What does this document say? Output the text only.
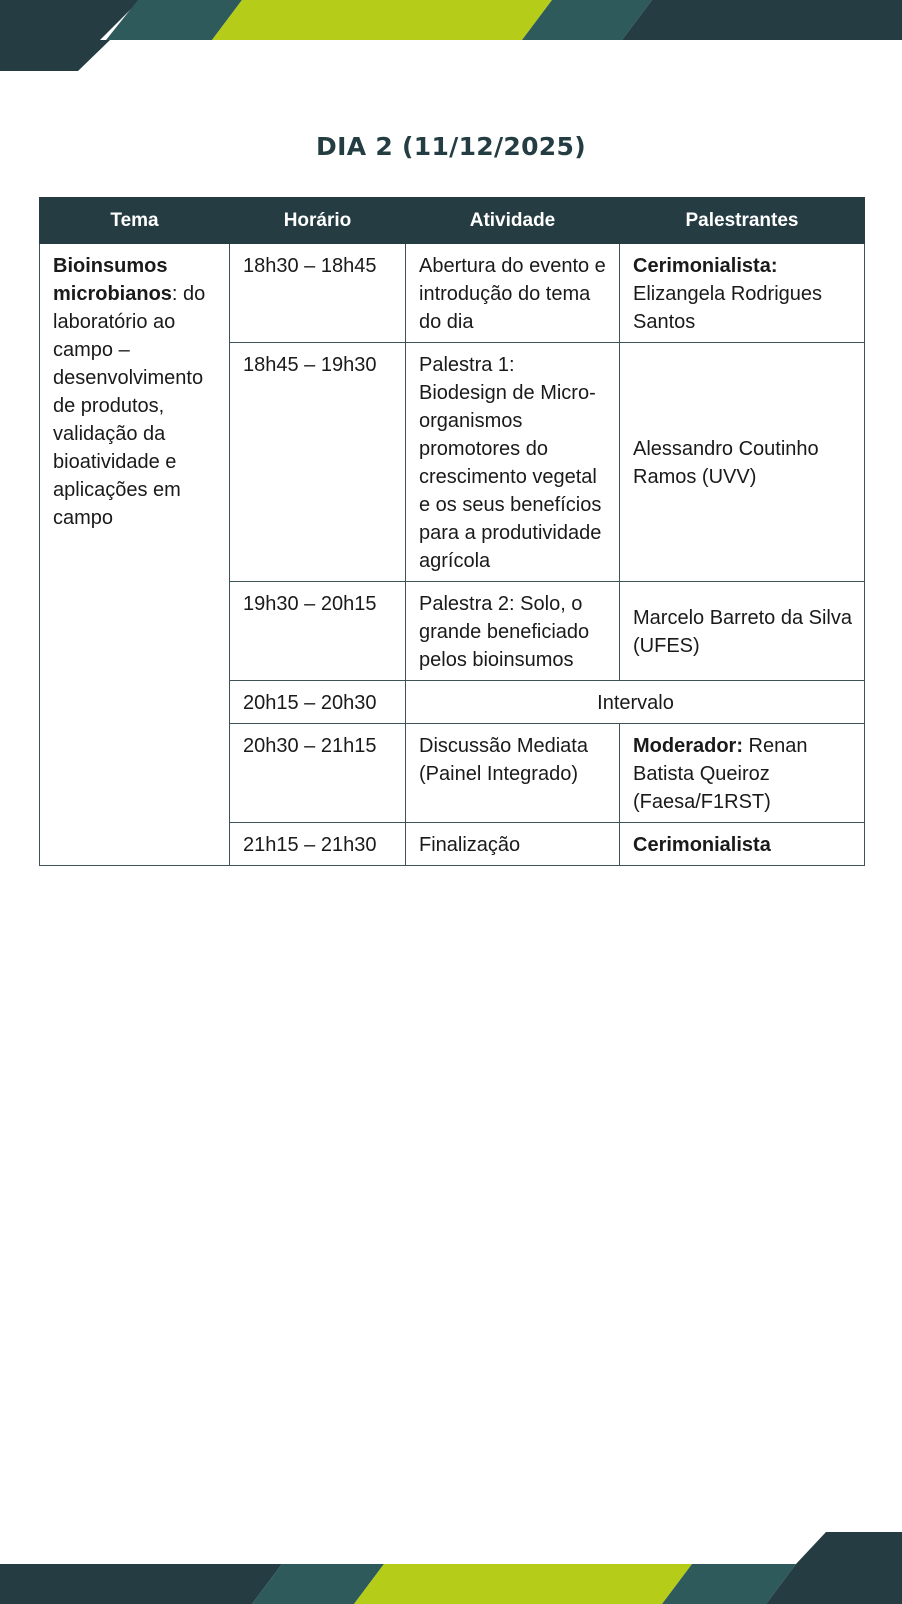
DIA 2 (11/12/2025)
Tema	Horário	Atividade	Palestrantes
Bioinsumos microbianos: do laboratório ao campo – desenvolvimento de produtos, validação da bioatividade e aplicações em campo	18h30 – 18h45	Abertura do evento e introdução do tema do dia	Cerimonialista: Elizangela Rodrigues Santos
	18h45 – 19h30	Palestra 1: Biodesign de Micro-organismos promotores do crescimento vegetal e os seus benefícios para a produtividade agrícola	Alessandro Coutinho Ramos (UVV)
	19h30 – 20h15	Palestra 2: Solo, o grande beneficiado pelos bioinsumos	Marcelo Barreto da Silva (UFES)
	20h15 – 20h30	Intervalo	
	20h30 – 21h15	Discussão Mediata (Painel Integrado)	Moderador: Renan Batista Queiroz (Faesa/F1RST)
	21h15 – 21h30	Finalização	Cerimonialista
